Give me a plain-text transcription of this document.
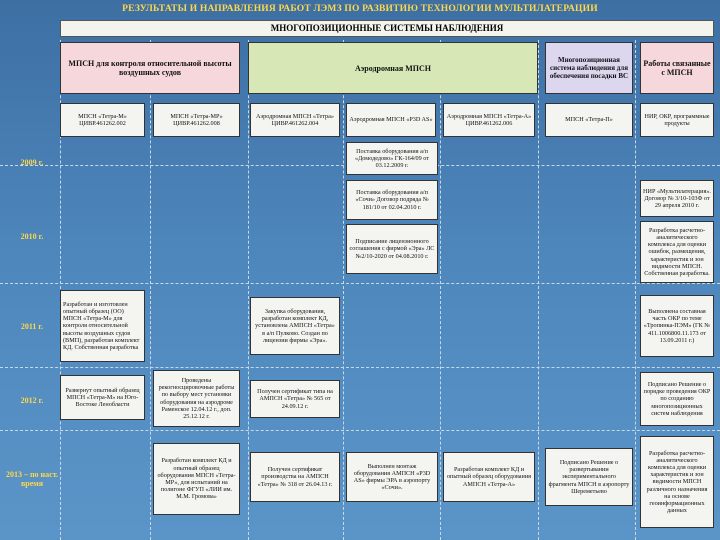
РЕЗУЛЬТАТЫ И НАПРАВЛЕНИЯ РАБОТ ЛЭМЗ ПО РАЗВИТИЮ ТЕХНОЛОГИИ МУЛЬТИЛАТЕРАЦИИ
МНОГОПОЗИЦИОННЫЕ СИСТЕМЫ НАБЛЮДЕНИЯ
МПСН для контроля относительной высоты воздушных судов	Аэродромная МПСН
Многопозиционная система наблюдения для обеспечения посадки ВС
Работы связанные с МПСН
МПСН «Тетра-М» ЦИВР.461262.002
МПСН «Тетра-МР» ЦИВР.461262.008
Аэродромная МПСН «Тетра» ЦИВР.461262.004
Аэродромная МПСН «P3D AS»
Аэродромная МПСН «Тетра-А» ЦИВР.461262.006
МПСН «Тетра-П»
НИР, ОКР, программные продукты
2009 г.
2010 г.
2011 г.
2012 г.
2013 – по наст. время
Поставка оборудования а/п «Домодедово» ГК-164/09 от 03.12.2009 г.
Поставка оборудования а/п «Сочи» Договор подряда № 181/10 от 02.04.2010 г.
Подписание лицензионного соглашения с фирмой «Эра» ЛС №2/10-2020 от 04.08.2010 г.
НИР «Мультилатерация». Договор № 3/10-103Ф от 29 апреля 2010 г.
Разработка расчетно-аналитического комплекса для оценки ошибок, размещения, характеристик и зон видимости МПСН. Собственная разработка.
Разработан и изготовлен опытный образец (ОО) МПСН «Тетра-М» для контроля относительной высоты воздушных судов (ВМП), разработан комплект КД. Собственная разработка
Закупка оборудования, разработан комплект КД, установлена АМПСН «Тетра» в а/п Пулково. Создан по лицензии фирмы «Эра».
Выполнена составная часть ОКР по теме «Тропинка-ПЭМ» (ГК № 411.1006800.11.173 от 13.09.2011 г.)
Развернут опытный образец МПСН «Тетра-М» на Юго-Востоке Ленобласти
Проведены рекогносцировочные работы по выбору мест установки оборудования на аэродроме Раменское 12.04.12 г., доп. 25.12.12 г.
Получен сертификат типа на АМПСН «Тетра» № 565 от 24.09.12 г.
Подписано Решение о порядке проведения ОКР по созданию многопозиционных систем наблюдения
Разработан комплект КД и опытный образец оборудования МПСН «Тетра-МР», для испытаний на полигоне ФГУП «ЛИИ им. М.М. Громова»
Получен сертификат производства на АМПСН «Тетра» № 318 от 26.04.13 г.
Выполнен монтаж оборудования АМПСН «P3D AS» фирмы ЭРА в аэропорту «Сочи».
Разработан комплект КД и опытный образец оборудования АМПСН «Тетра-А»
Подписано Решение о развертывании экспериментального фрагмента МПСН в аэропорту Шереметьево
Разработка расчетно-аналитического комплекса для оценки характеристик и зон видимости МПСН различного назначения на основе геоинформационных данных
